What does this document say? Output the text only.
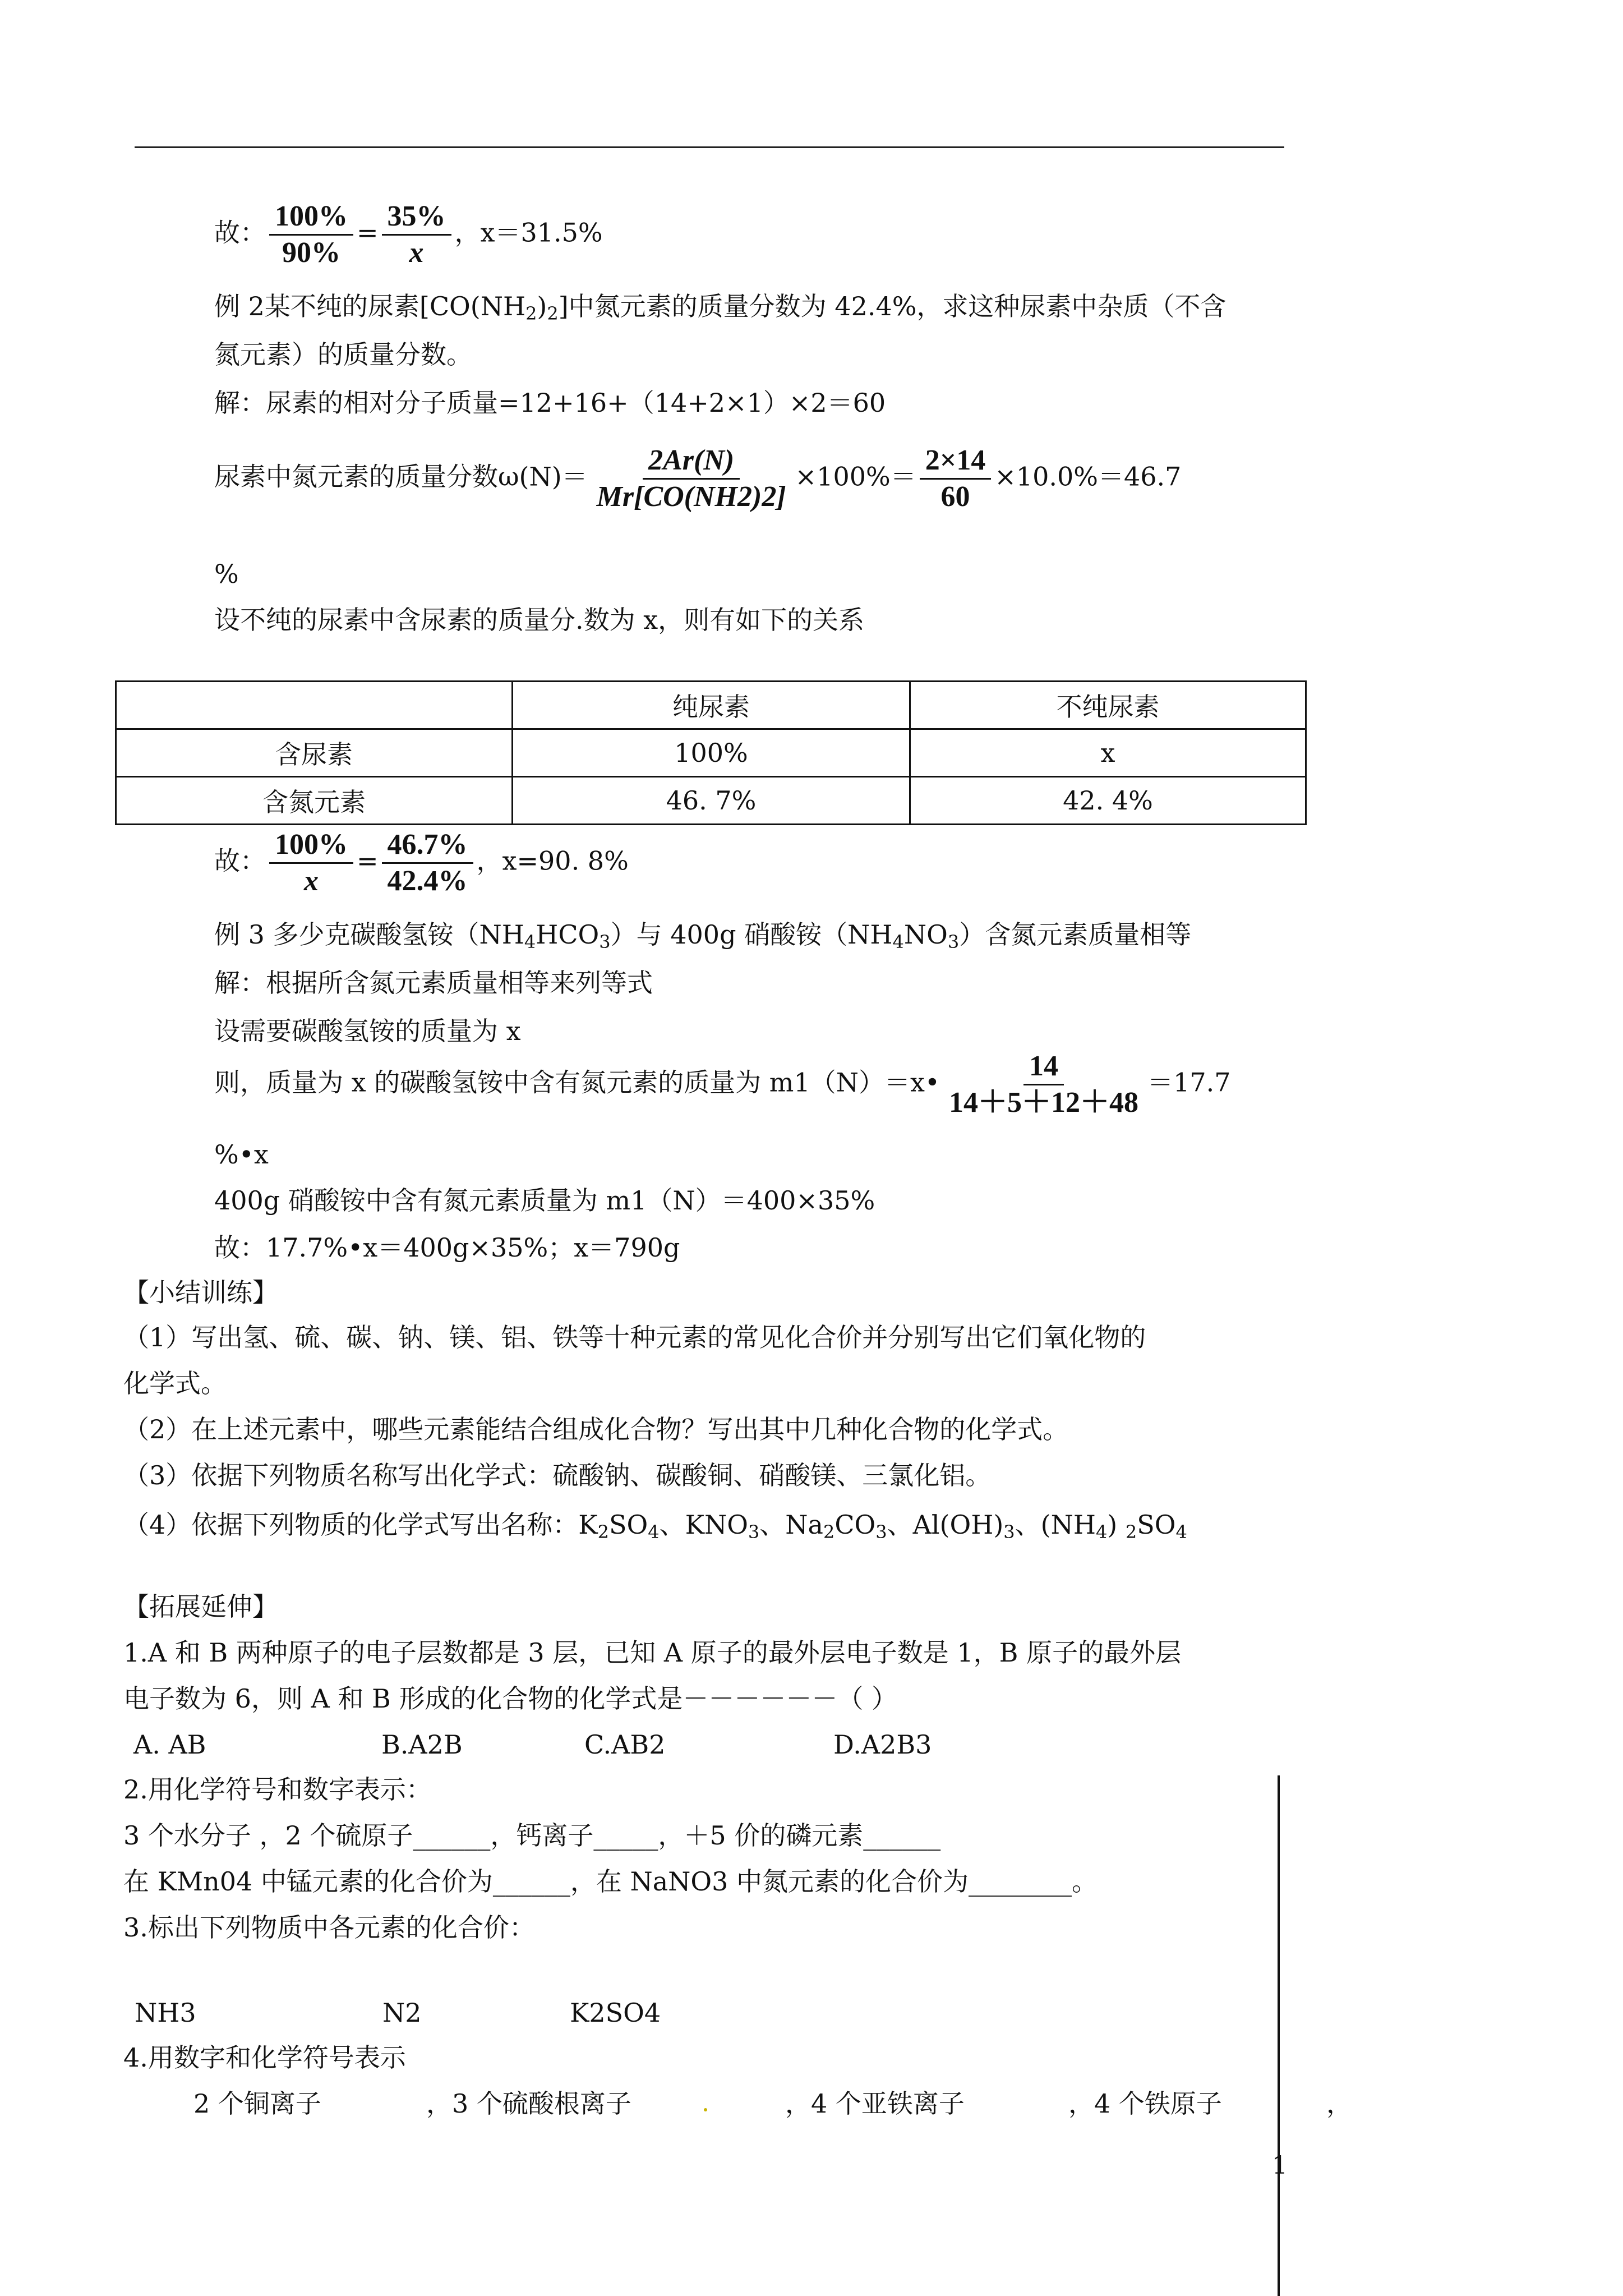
故： $\frac{100\%}{90\%} = \frac{35\%}{x}$ ，x＝31.5%
例 2某不纯的尿素$[CO(NH_2)_2]$中氮元素的质量分数为 42.4%，求这种尿素中杂质（不含
氮元素）的质量分数。
解：尿素的相对分子质量=12+16+（14+2×1）×2＝60
尿素中氮元素的质量分数$\omega(N)= \frac{2Ar(N)}{Mr[CO(NH2)2]} \times 100\%= \frac{2\times 14}{60} \times 10.0\%=46.7$
%
设不纯的尿素中含尿素的质量分.数为 x，则有如下的关系
	纯尿素	不纯尿素
含尿素	100%	x
含氮元素	46. 7%	42. 4%
故： $\frac{100\%}{x} = \frac{46.7\%}{42.4\%}$ ，x=90. 8%
例 3 多少克碳酸氢铵$(NH_4HCO_3)$与 400g 硝酸铵$(NH_4NO_3)$含氮元素质量相等
解：根据所含氮元素质量相等来列等式
设需要碳酸氢铵的质量为 x
则，质量为 x 的碳酸氢铵中含有氮元素的质量为 m1（N）＝x• $\frac{14}{14+5+12+48} =17.7$
%•x
400g 硝酸铵中含有氮元素质量为 m1（N）＝400×35%
故：17.7%•x＝400g×35%；x＝790g
【小结训练】
（1）写出氢、硫、碳、钠、镁、铝、铁等十种元素的常见化合价并分别写出它们氧化物的
化学式。
（2）在上述元素中，哪些元素能结合组成化合物？写出其中几种化合物的化学式。
（3）依据下列物质名称写出化学式：硫酸钠、碳酸铜、硝酸镁、三氯化铝。
（4）依据下列物质的化学式写出名称：$K_2SO_4$、$KNO_3$、$Na_2CO_3$、$Al(OH)_3$、$(NH_4)$ $_2SO_4$
【拓展延伸】
1.A 和 B 两种原子的电子层数都是 3 层，已知 A 原子的最外层电子数是 1，B 原子的最外层
电子数为 6，则 A 和 B 形成的化合物的化学式是－－－－－－（ ）
A. AB	B.A2B	C.AB2	D.A2B3
2.用化学符号和数字表示：
3 个水分子 ，2 个硫原子______，钙离子_____，＋5 价的磷元素______
在 KMn04 中锰元素的化合价为______，在 NaNO3 中氮元素的化合价为________。
3.标出下列物质中各元素的化合价：
NH3	N2	K2SO4
4.用数字和化学符号表示
2 个铜离子	，3 个硫酸根离子	，4 个亚铁离子	，4 个铁原子	，
1
